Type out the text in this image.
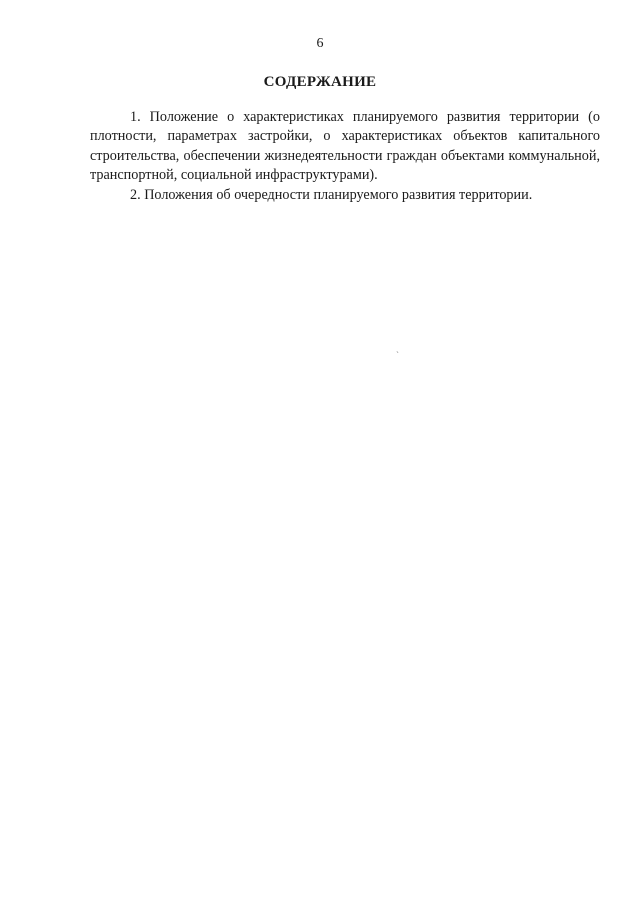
6
СОДЕРЖАНИЕ

1. Положение о характеристиках планируемого развития территории (о плотности, параметрах застройки, о характеристиках объектов капитального строительства, обеспечении жизнедеятельности граждан объектами коммунальной, транспортной, социальной инфраструктурами).

2. Положения об очередности планируемого развития территории.

`
